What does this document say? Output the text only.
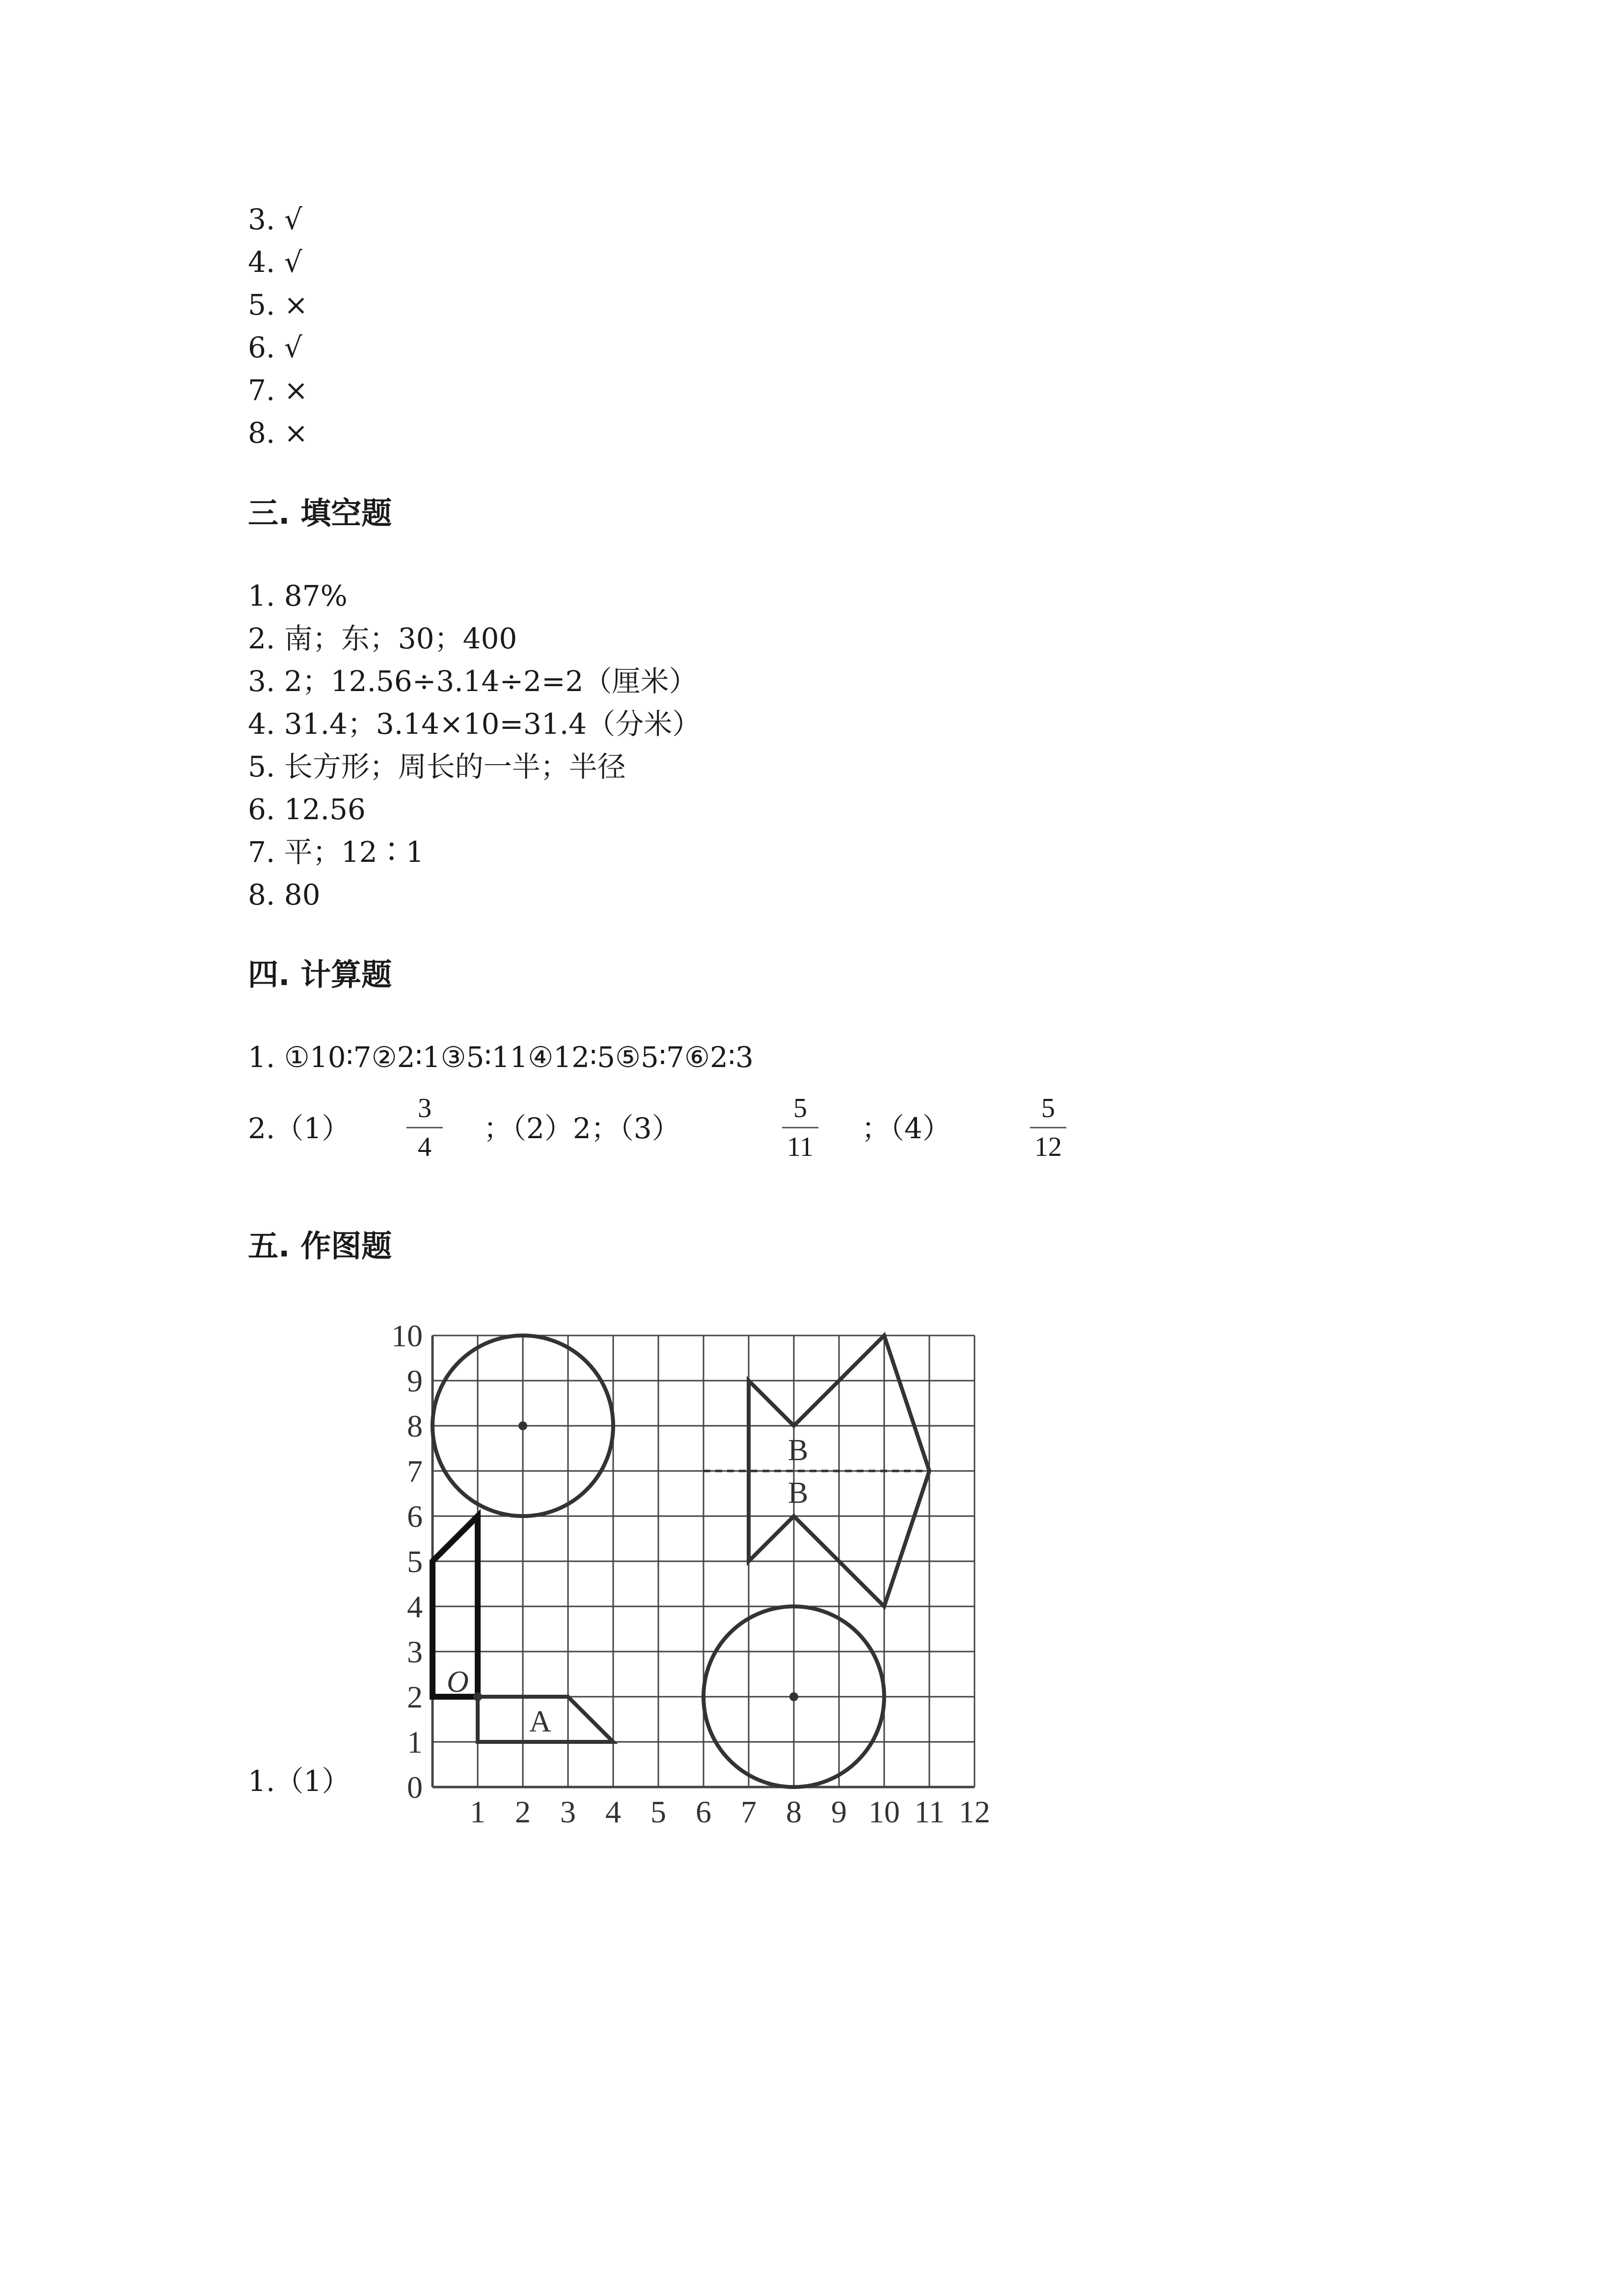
3. √
4. √
5. ×
6. √
7. ×
8. ×
三. 填空题
1. 87%
2. 南；东；30；400
3. 2；12.56÷3.14÷2=2（厘米）
4. 31.4；3.14×10=31.4（分米）
5. 长方形；周长的一半；半径
6. 12.56
7. 平；12∶1
8. 80
四. 计算题
1. ①10∶7②2∶1③5∶11④12∶5⑤5∶7⑥2∶3
2.（1）
3
4
；（2）2；（3）
5
11
；（4）
5
12
五. 作图题
1.（1） 0
1
2
3
4
5
6
7
8
9
10
1 2 3 4 5 6 7 8 9 10 11 12
B
B
A
O
